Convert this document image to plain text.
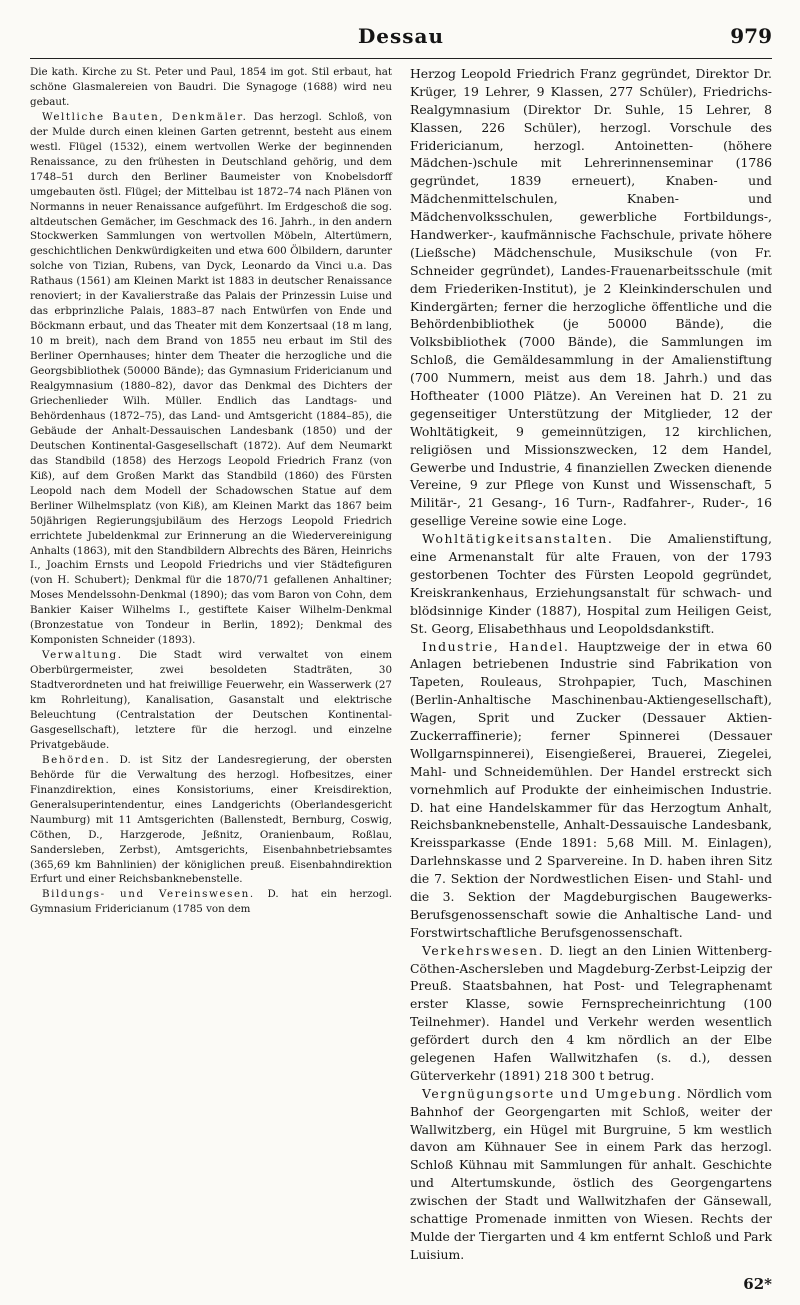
Dessau	979

Die kath. Kirche zu St. Peter und Paul, 1854 im got. Stil erbaut, hat schöne Glasmalereien von Baudri. Die Synagoge (1688) wird neu gebaut.

Weltliche Bauten, Denkmäler. Das herzogl. Schloß, von der Mulde durch einen kleinen Garten getrennt, besteht aus einem westl. Flügel (1532), einem wertvollen Werke der beginnenden Renaissance, zu den frühesten in Deutschland gehörig, und dem 1748–51 durch den Berliner Baumeister von Knobelsdorff umgebauten östl. Flügel; der Mittelbau ist 1872–74 nach Plänen von Normanns in neuer Renaissance aufgeführt. Im Erdgeschoß die sog. altdeutschen Gemächer, im Geschmack des 16. Jahrh., in den andern Stockwerken Sammlungen von wertvollen Möbeln, Altertümern, geschichtlichen Denkwürdigkeiten und etwa 600 Ölbildern, darunter solche von Tizian, Rubens, van Dyck, Leonardo da Vinci u.a. Das Rathaus (1561) am Kleinen Markt ist 1883 in deutscher Renaissance renoviert; in der Kavalierstraße das Palais der Prinzessin Luise und das erbprinzliche Palais, 1883–87 nach Entwürfen von Ende und Böckmann erbaut, und das Theater mit dem Konzertsaal (18 m lang, 10 m breit), nach dem Brand von 1855 neu erbaut im Stil des Berliner Opernhauses; hinter dem Theater die herzogliche und die Georgsbibliothek (50000 Bände); das Gymnasium Fridericianum und Realgymnasium (1880–82), davor das Denkmal des Dichters der Griechenlieder Wilh. Müller. Endlich das Landtags- und Behördenhaus (1872–75), das Land- und Amtsgericht (1884–85), die Gebäude der Anhalt-Dessauischen Landesbank (1850) und der Deutschen Kontinental-Gasgesellschaft (1872). Auf dem Neumarkt das Standbild (1858) des Herzogs Leopold Friedrich Franz (von Kiß), auf dem Großen Markt das Standbild (1860) des Fürsten Leopold nach dem Modell der Schadowschen Statue auf dem Berliner Wilhelmsplatz (von Kiß), am Kleinen Markt das 1867 beim 50jährigen Regierungsjubiläum des Herzogs Leopold Friedrich errichtete Jubeldenkmal zur Erinnerung an die Wiedervereinigung Anhalts (1863), mit den Standbildern Albrechts des Bären, Heinrichs I., Joachim Ernsts und Leopold Friedrichs und vier Städtefiguren (von H. Schubert); Denkmal für die 1870/71 gefallenen Anhaltiner; Moses Mendelssohn-Denkmal (1890); das vom Baron von Cohn, dem Bankier Kaiser Wilhelms I., gestiftete Kaiser Wilhelm-Denkmal (Bronzestatue von Tondeur in Berlin, 1892); Denkmal des Komponisten Schneider (1893).

Verwaltung. Die Stadt wird verwaltet von einem Oberbürgermeister, zwei besoldeten Stadträten, 30 Stadtverordneten und hat freiwillige Feuerwehr, ein Wasserwerk (27 km Rohrleitung), Kanalisation, Gasanstalt und elektrische Beleuchtung (Centralstation der Deutschen Kontinental-Gasgesellschaft), letztere für die herzogl. und einzelne Privatgebäude.

Behörden. D. ist Sitz der Landesregierung, der obersten Behörde für die Verwaltung des herzogl. Hofbesitzes, einer Finanzdirektion, eines Konsistoriums, einer Kreisdirektion, Generalsuperintendentur, eines Landgerichts (Oberlandesgericht Naumburg) mit 11 Amtsgerichten (Ballenstedt, Bernburg, Coswig, Cöthen, D., Harzgerode, Jeßnitz, Oranienbaum, Roßlau, Sandersleben, Zerbst), Amtsgerichts, Eisenbahnbetriebsamtes (365,69 km Bahnlinien) der königlichen preuß. Eisenbahndirektion Erfurt und einer Reichsbanknebenstelle.

Bildungs- und Vereinswesen. D. hat ein herzogl. Gymnasium Fridericianum (1785 von dem

Herzog Leopold Friedrich Franz gegründet, Direktor Dr. Krüger, 19 Lehrer, 9 Klassen, 277 Schüler), Friedrichs-Realgymnasium (Direktor Dr. Suhle, 15 Lehrer, 8 Klassen, 226 Schüler), herzogl. Vorschule des Fridericianum, herzogl. Antoinetten- (höhere Mädchen-)schule mit Lehrerinnenseminar (1786 gegründet, 1839 erneuert), Knaben- und Mädchenmittelschulen, Knaben- und Mädchenvolksschulen, gewerbliche Fortbildungs-, Handwerker-, kaufmännische Fachschule, private höhere (Ließsche) Mädchenschule, Musikschule (von Fr. Schneider gegründet), Landes-Frauenarbeitsschule (mit dem Friederiken-Institut), je 2 Kleinkinderschulen und Kindergärten; ferner die herzogliche öffentliche und die Behördenbibliothek (je 50000 Bände), die Volksbibliothek (7000 Bände), die Sammlungen im Schloß, die Gemäldesammlung in der Amalienstiftung (700 Nummern, meist aus dem 18. Jahrh.) und das Hoftheater (1000 Plätze). An Vereinen hat D. 21 zu gegenseitiger Unterstützung der Mitglieder, 12 der Wohltätigkeit, 9 gemeinnützigen, 12 kirchlichen, religiösen und Missionszwecken, 12 dem Handel, Gewerbe und Industrie, 4 finanziellen Zwecken dienende Vereine, 9 zur Pflege von Kunst und Wissenschaft, 5 Militär-, 21 Gesang-, 16 Turn-, Radfahrer-, Ruder-, 16 gesellige Vereine sowie eine Loge.

Wohltätigkeitsanstalten. Die Amalienstiftung, eine Armenanstalt für alte Frauen, von der 1793 gestorbenen Tochter des Fürsten Leopold gegründet, Kreiskrankenhaus, Erziehungsanstalt für schwach- und blödsinnige Kinder (1887), Hospital zum Heiligen Geist, St. Georg, Elisabethhaus und Leopoldsdankstift.

Industrie, Handel. Hauptzweige der in etwa 60 Anlagen betriebenen Industrie sind Fabrikation von Tapeten, Rouleaus, Strohpapier, Tuch, Maschinen (Berlin-Anhaltische Maschinenbau-Aktiengesellschaft), Wagen, Sprit und Zucker (Dessauer Aktien-Zuckerraffinerie); ferner Spinnerei (Dessauer Wollgarnspinnerei), Eisengießerei, Brauerei, Ziegelei, Mahl- und Schneidemühlen. Der Handel erstreckt sich vornehmlich auf Produkte der einheimischen Industrie. D. hat eine Handelskammer für das Herzogtum Anhalt, Reichsbanknebenstelle, Anhalt-Dessauische Landesbank, Kreissparkasse (Ende 1891: 5,68 Mill. M. Einlagen), Darlehnskasse und 2 Sparvereine. In D. haben ihren Sitz die 7. Sektion der Nordwestlichen Eisen- und Stahl- und die 3. Sektion der Magdeburgischen Baugewerks-Berufsgenossenschaft sowie die Anhaltische Land- und Forstwirtschaftliche Berufsgenossenschaft.

Verkehrswesen. D. liegt an den Linien Wittenberg-Cöthen-Aschersleben und Magdeburg-Zerbst-Leipzig der Preuß. Staatsbahnen, hat Post- und Telegraphenamt erster Klasse, sowie Fernsprecheinrichtung (100 Teilnehmer). Handel und Verkehr werden wesentlich gefördert durch den 4 km nördlich an der Elbe gelegenen Hafen Wallwitzhafen (s. d.), dessen Güterverkehr (1891) 218 300 t betrug.

Vergnügungsorte und Umgebung. Nördlich vom Bahnhof der Georgengarten mit Schloß, weiter der Wallwitzberg, ein Hügel mit Burgruine, 5 km westlich davon am Kühnauer See in einem Park das herzogl. Schloß Kühnau mit Sammlungen für anhalt. Geschichte und Altertumskunde, östlich des Georgengartens zwischen der Stadt und Wallwitzhafen der Gänsewall, schattige Promenade inmitten von Wiesen. Rechts der Mulde der Tiergarten und 4 km entfernt Schloß und Park Luisium.

62*
